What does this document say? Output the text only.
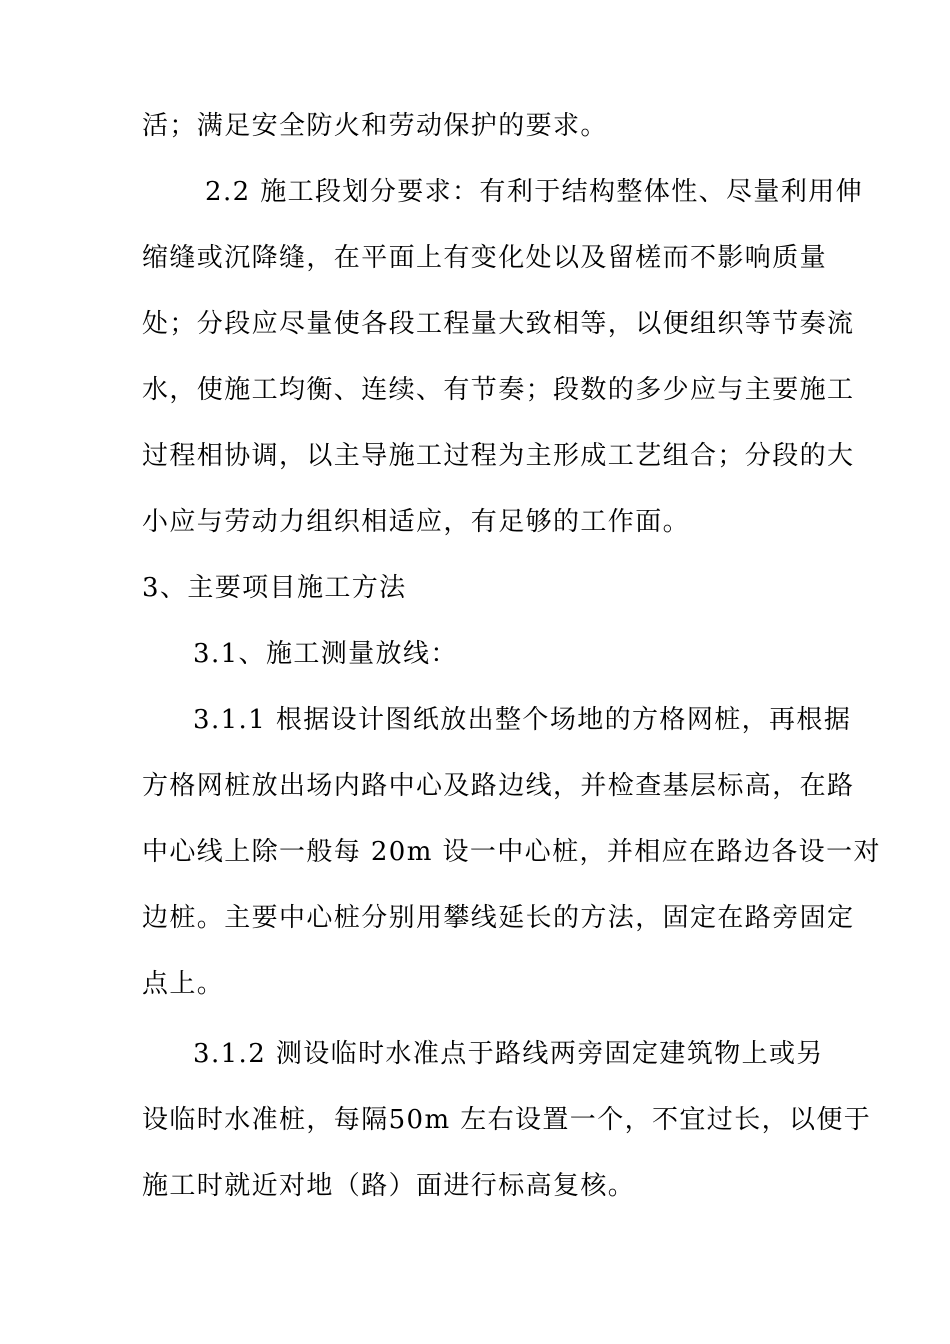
活；满足安全防火和劳动保护的要求。
2.2 施工段划分要求：有利于结构整体性、尽量利用伸
缩缝或沉降缝，在平面上有变化处以及留槎而不影响质量
处；分段应尽量使各段工程量大致相等，以便组织等节奏流
水，使施工均衡、连续、有节奏；段数的多少应与主要施工
过程相协调，以主导施工过程为主形成工艺组合；分段的大
小应与劳动力组织相适应，有足够的工作面。
3、主要项目施工方法
3.1、施工测量放线：
3.1.1 根据设计图纸放出整个场地的方格网桩，再根据
方格网桩放出场内路中心及路边线，并检查基层标高，在路
中心线上除一般每 20m 设一中心桩，并相应在路边各设一对
边桩。主要中心桩分别用攀线延长的方法，固定在路旁固定
点上。
3.1.2 测设临时水准点于路线两旁固定建筑物上或另
设临时水准桩，每隔50m 左右设置一个，不宜过长，以便于
施工时就近对地（路）面进行标高复核。
